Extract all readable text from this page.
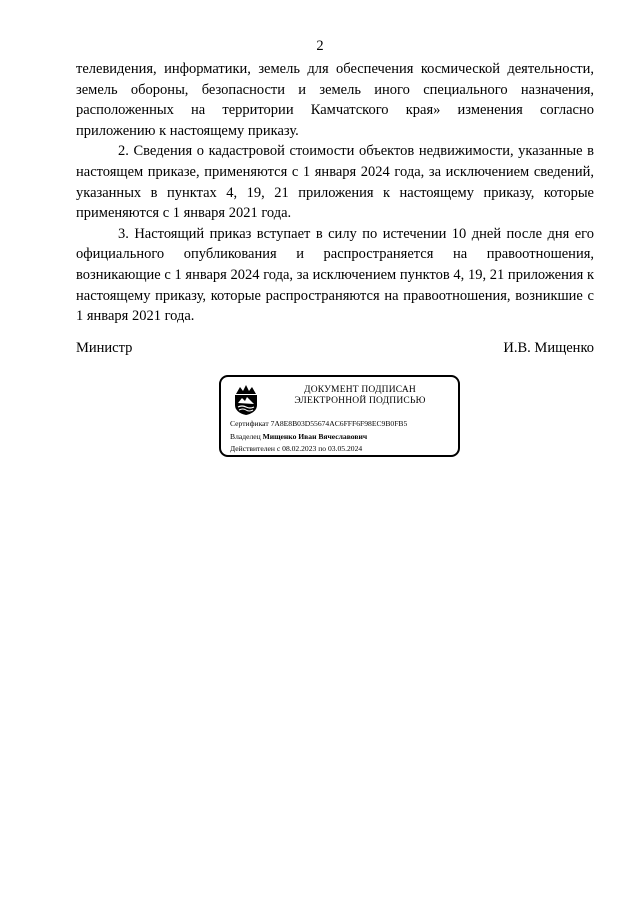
2

телевидения, информатики, земель для обеспечения космической деятельности, земель обороны, безопасности и земель иного специального назначения, расположенных на территории Камчатского края» изменения согласно приложению к настоящему приказу.

2. Сведения о кадастровой стоимости объектов недвижимости, указанные в настоящем приказе, применяются с 1 января 2024 года, за исключением сведений, указанных в пунктах 4, 19, 21 приложения к настоящему приказу, которые применяются с 1 января 2021 года.

3. Настоящий приказ вступает в силу по истечении 10 дней после дня его официального опубликования и распространяется на правоотношения, возникающие с 1 января 2024 года, за исключением пунктов 4, 19, 21 приложения к настоящему приказу, которые распространяются на правоотношения, возникшие с 1 января 2021 года.

Министр	И.В. Мищенко
ДОКУМЕНТ ПОДПИСАН
ЭЛЕКТРОННОЙ ПОДПИСЬЮ
Сертификат 7A8E8B03D55674AC6FFF6F98EC9B0FB5
Владелец Мищенко Иван Вячеславович
Действителен с 08.02.2023 по 03.05.2024
